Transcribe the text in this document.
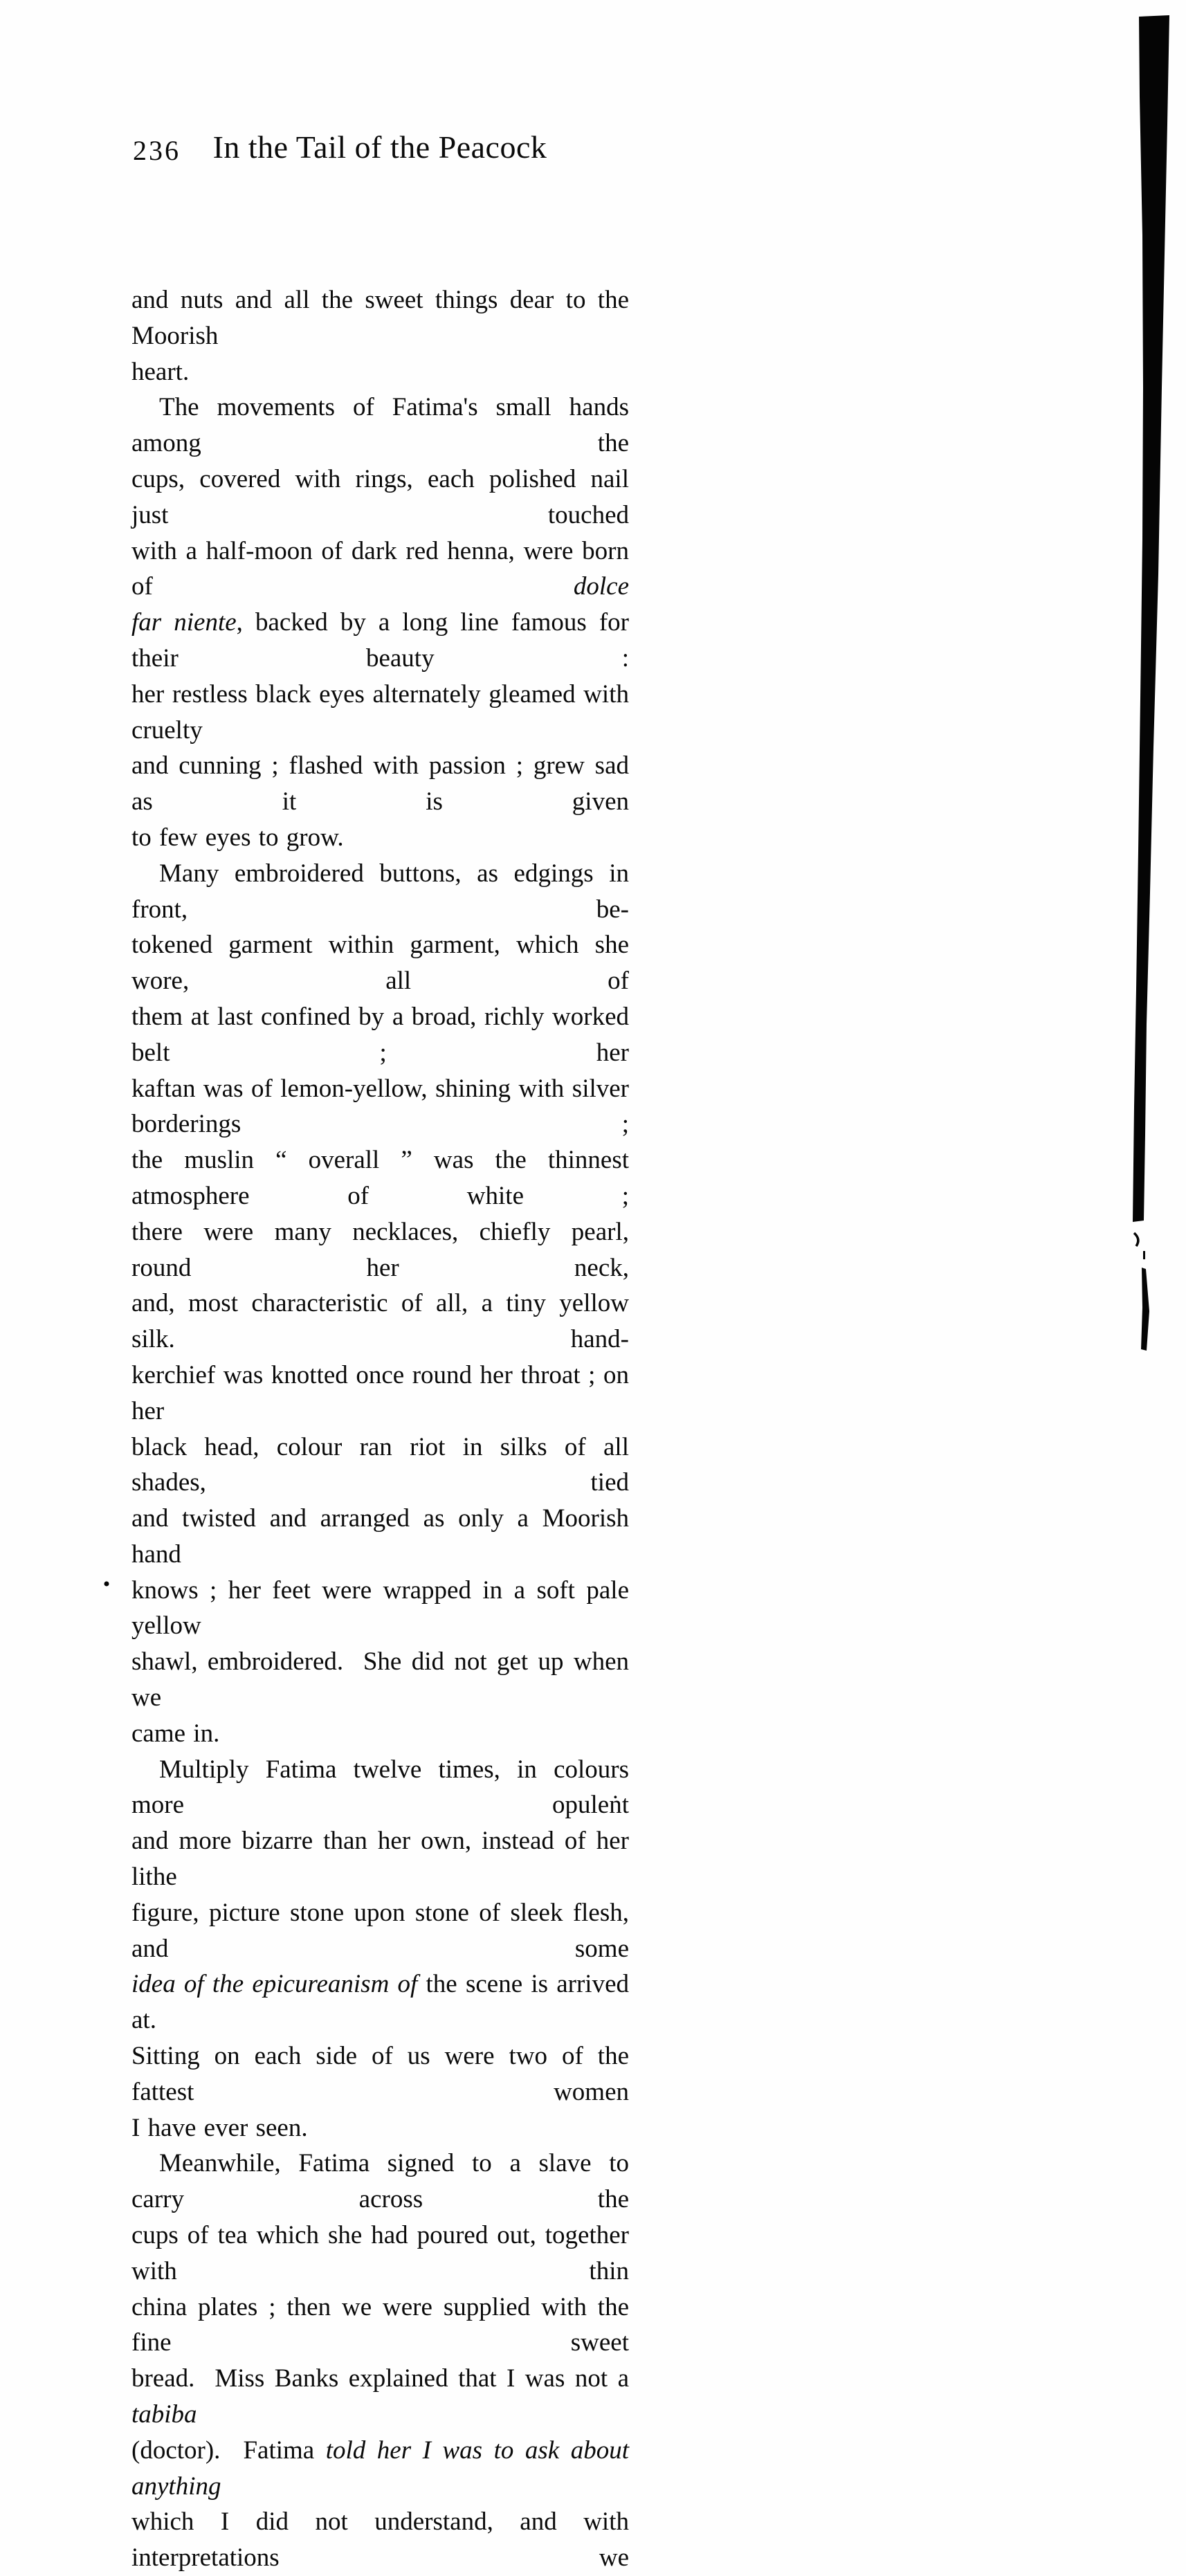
236	In the Tail of the Peacock
and nuts and all the sweet things dear to the Moorish
heart.
The movements of Fatima's small hands among the
cups, covered with rings, each polished nail just touched
with a half-moon of dark red henna, were born of dolce
far niente, backed by a long line famous for their beauty :
her restless black eyes alternately gleamed with cruelty
and cunning ; flashed with passion ; grew sad as it is given
to few eyes to grow.
Many embroidered buttons, as edgings in front, be-
tokened garment within garment, which she wore, all of
them at last confined by a broad, richly worked belt ; her
kaftan was of lemon-yellow, shining with silver borderings ;
the muslin “ overall ” was the thinnest atmosphere of white ;
there were many necklaces, chiefly pearl, round her neck,
and, most characteristic of all, a tiny yellow silk. hand-
kerchief was knotted once round her throat ; on her
black head, colour ran riot in silks of all shades, tied
and twisted and arranged as only a Moorish hand
knows ; her feet were wrapped in a soft pale yellow
shawl, embroidered.  She did not get up when we
came in.
Multiply Fatima twelve times, in colours more opuleṅt
and more bizarre than her own, instead of her lithe
figure, picture stone upon stone of sleek flesh, and some
idea of the epicureanism of the scene is arrived at.
Sitting on each side of us were two of the fattest women
I have ever seen.
Meanwhile, Fatima signed to a slave to carry across the
cups of tea which she had poured out, together with thin
china plates ; then we were supplied with the fine sweet
bread.  Miss Banks explained that I was not a tabiba
(doctor).  Fatima told her I was to ask about anything
which I did not understand, and with interpretations we
